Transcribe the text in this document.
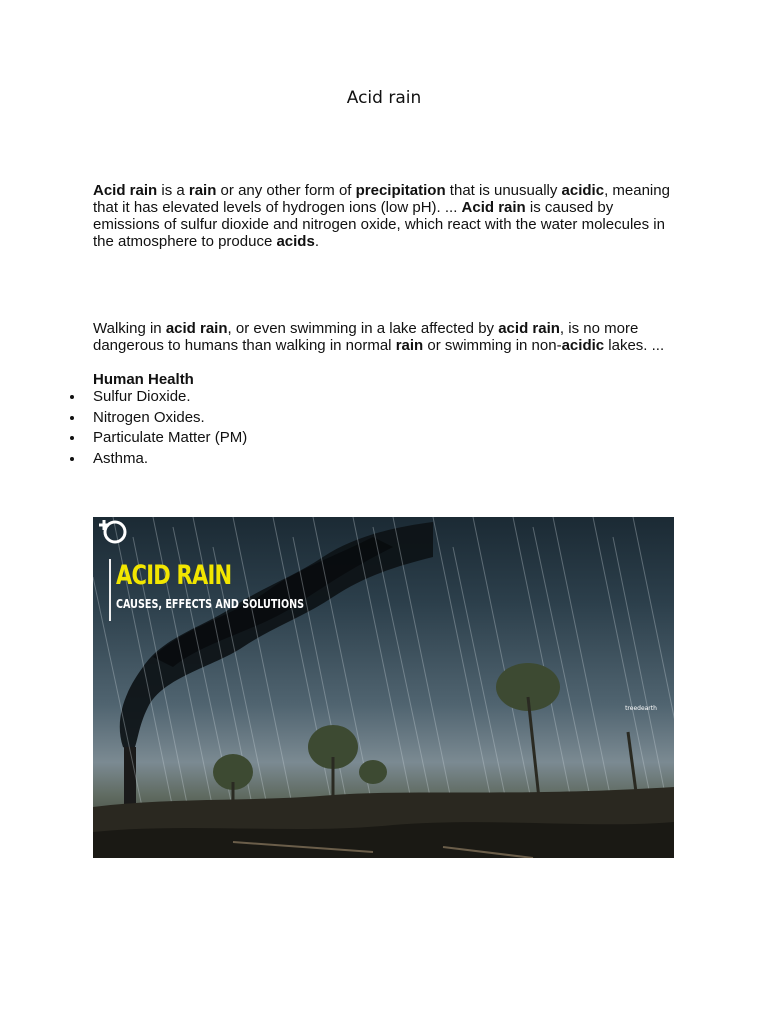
Acid rain

Acid rain is a rain or any other form of precipitation that is unusually acidic, meaning that it has elevated levels of hydrogen ions (low pH). ... Acid rain is caused by emissions of sulfur dioxide and nitrogen oxide, which react with the water molecules in the atmosphere to produce acids.

Walking in acid rain, or even swimming in a lake affected by acid rain, is no more dangerous to humans than walking in normal rain or swimming in non-acidic lakes. ...

Human Health
Sulfur Dioxide.
Nitrogen Oxides.
Particulate Matter (PM)
Asthma.
ACID RAIN
CAUSES, EFFECTS AND SOLUTIONS
treedearth
